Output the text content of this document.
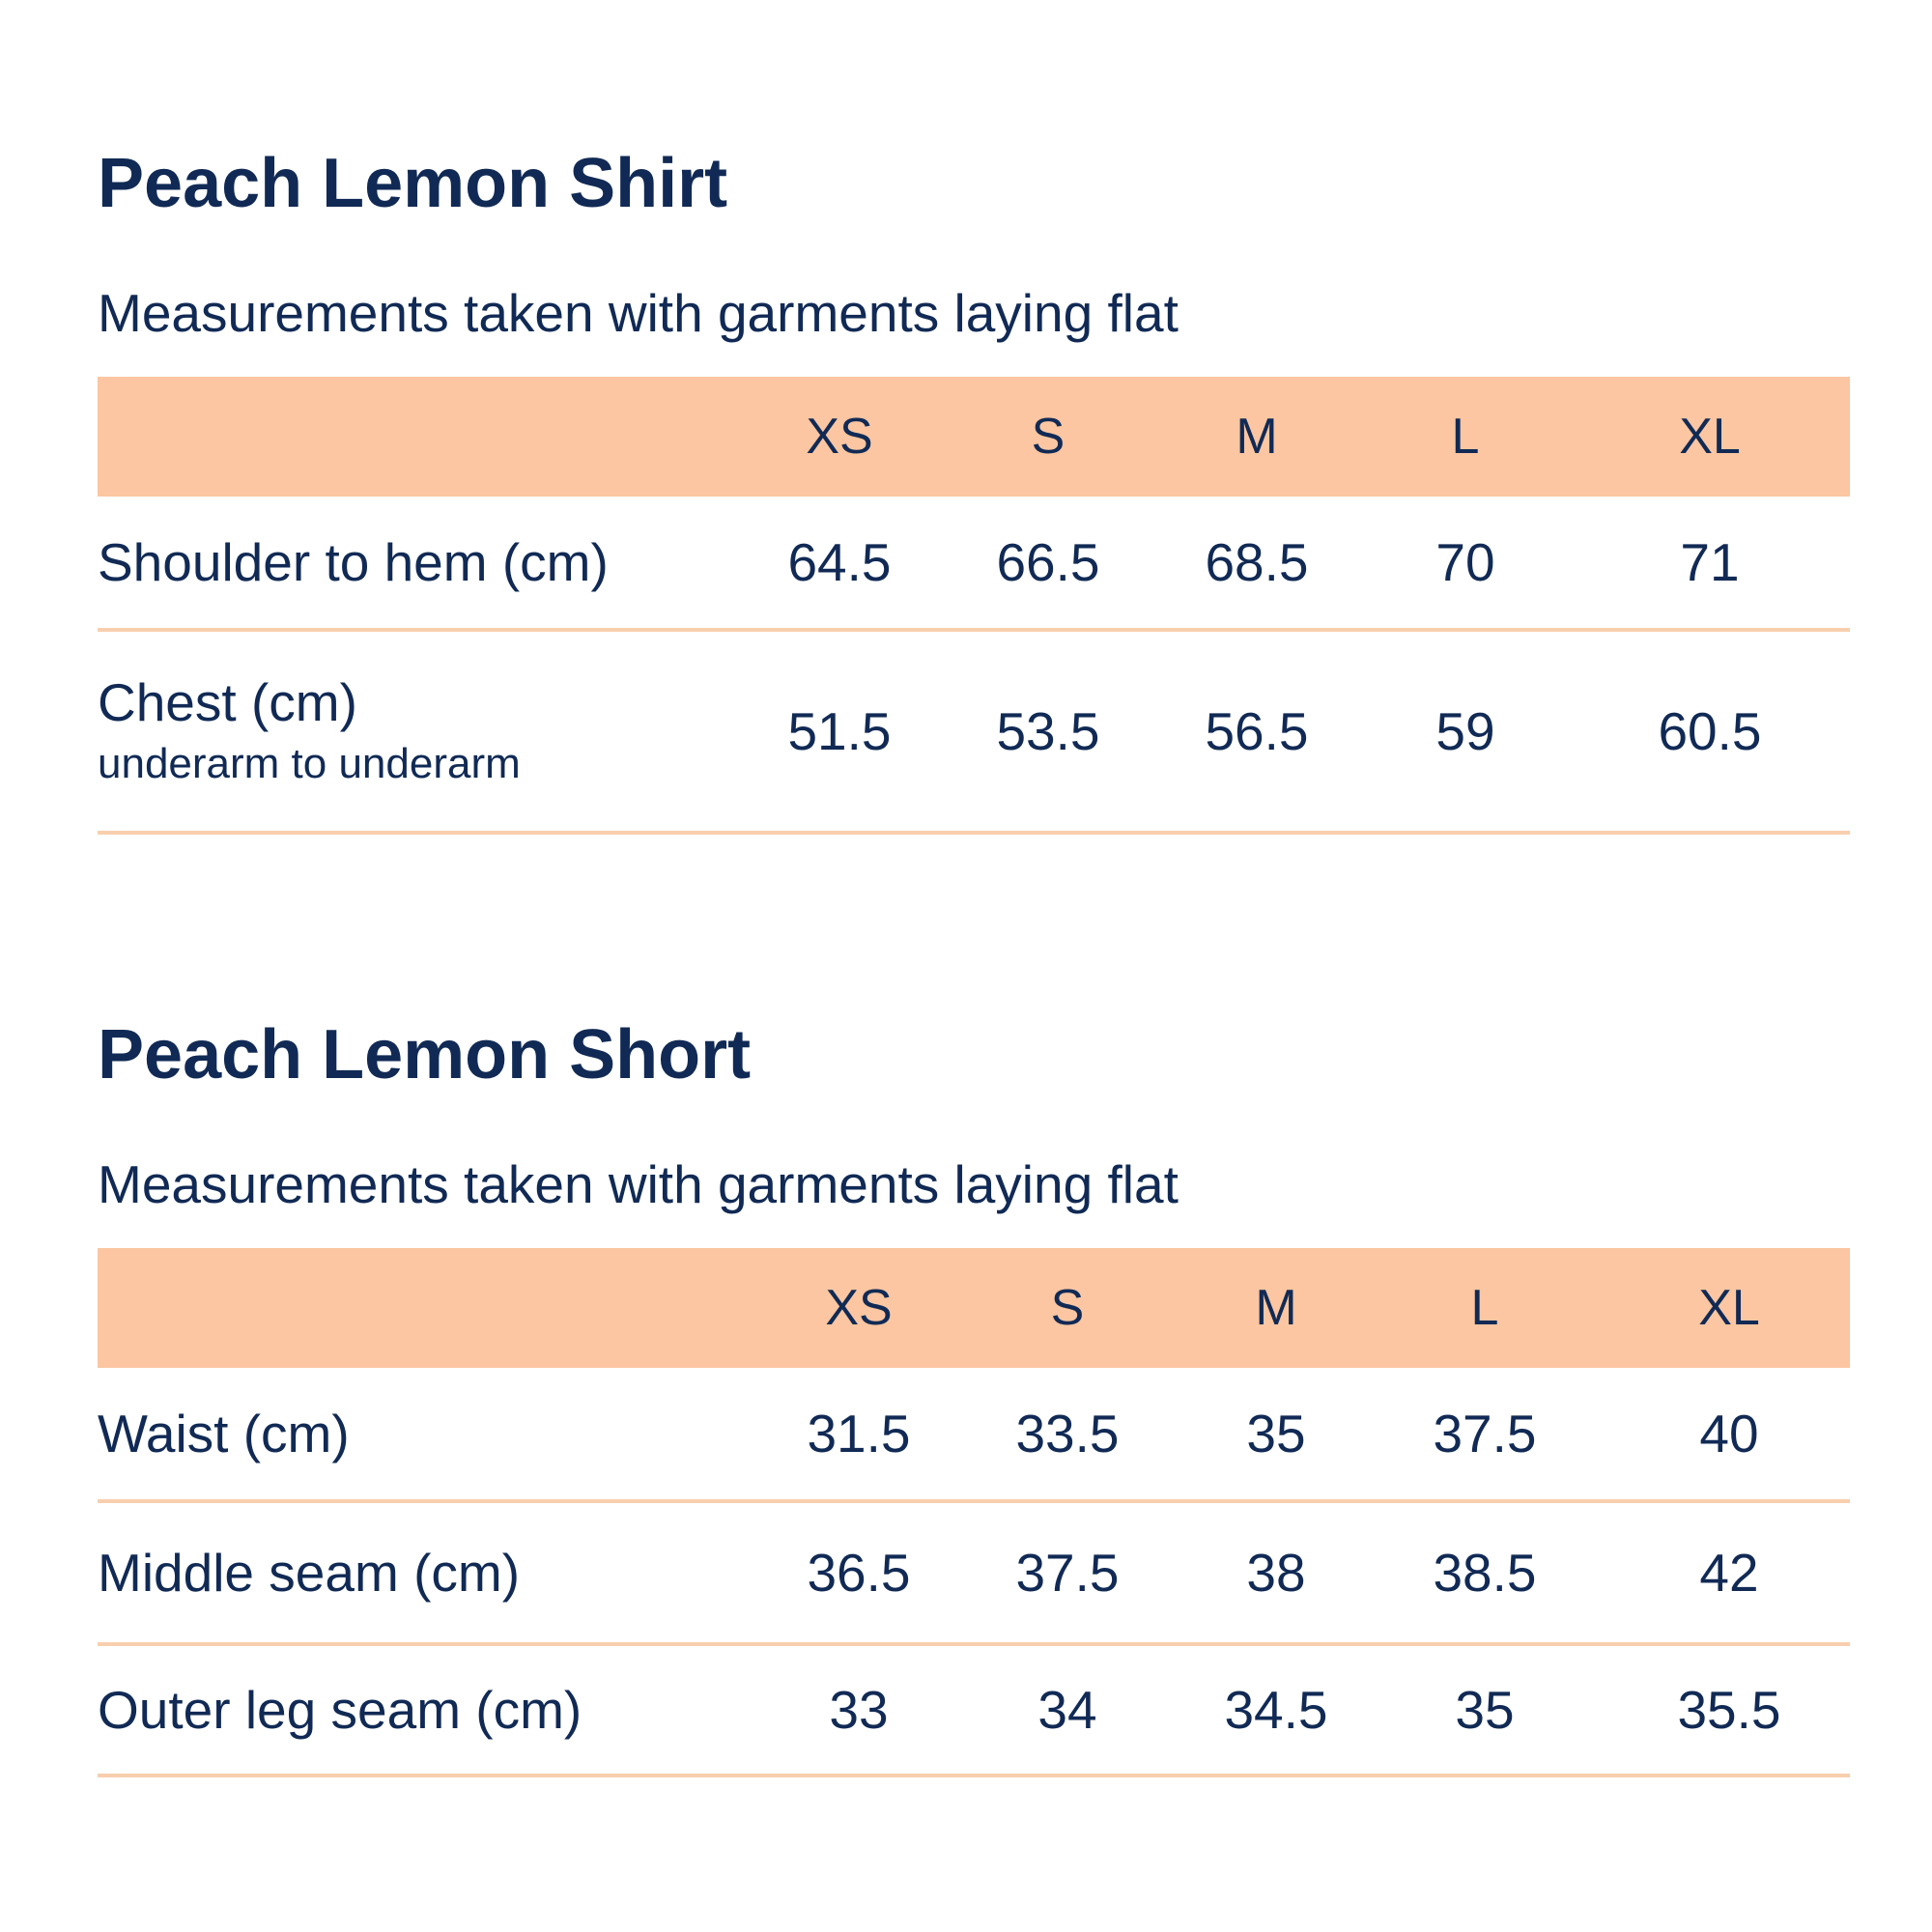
Peach Lemon Shirt

Measurements taken with garments laying flat

	XS	S	M	L	XL

Shoulder to hem (cm)	64.5	66.5	68.5	70	71

Chest (cm)
underarm to underarm	51.5	53.5	56.5	59	60.5
Peach Lemon Short

Measurements taken with garments laying flat

	XS	S	M	L	XL
Waist (cm)	31.5	33.5	35	37.5	40
Middle seam (cm)	36.5	37.5	38	38.5	42
Outer leg seam (cm)	33	34	34.5	35	35.5
